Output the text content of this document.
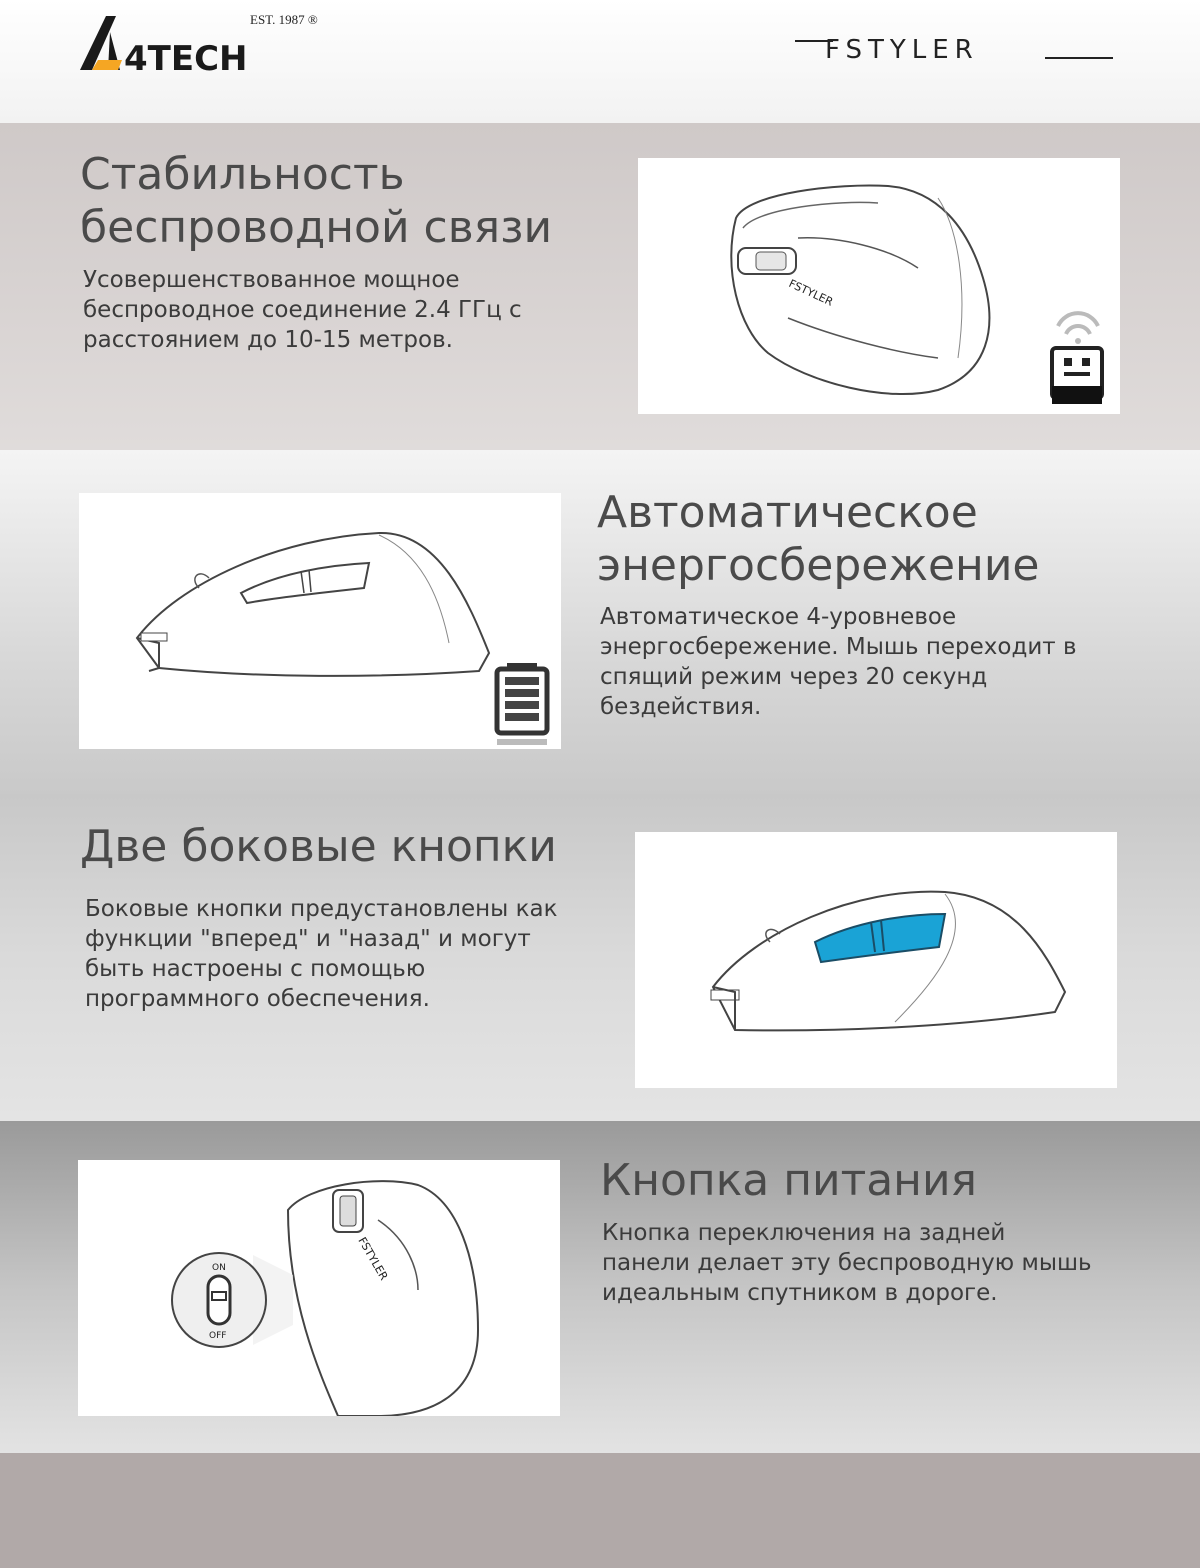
4TECH
EST. 1987 ®
FSTYLER
Стабильность
беспроводной связи

Усовершенствованное мощное
беспроводное соединение 2.4 ГГц с
расстоянием до 10-15 метров.

FSTYLER
Автоматическое
энергосбережение

Автоматическое 4-уровневое
энергосбережение. Мышь переходит в
спящий режим через 20 секунд
бездействия.

Две боковые кнопки

Боковые кнопки предустановлены как
функции "вперед" и "назад" и могут
быть настроены с помощью
программного обеспечения.

FSTYLER
ON
OFF
Кнопка питания

Кнопка переключения на задней
панели делает эту беспроводную мышь
идеальным спутником в дороге.
